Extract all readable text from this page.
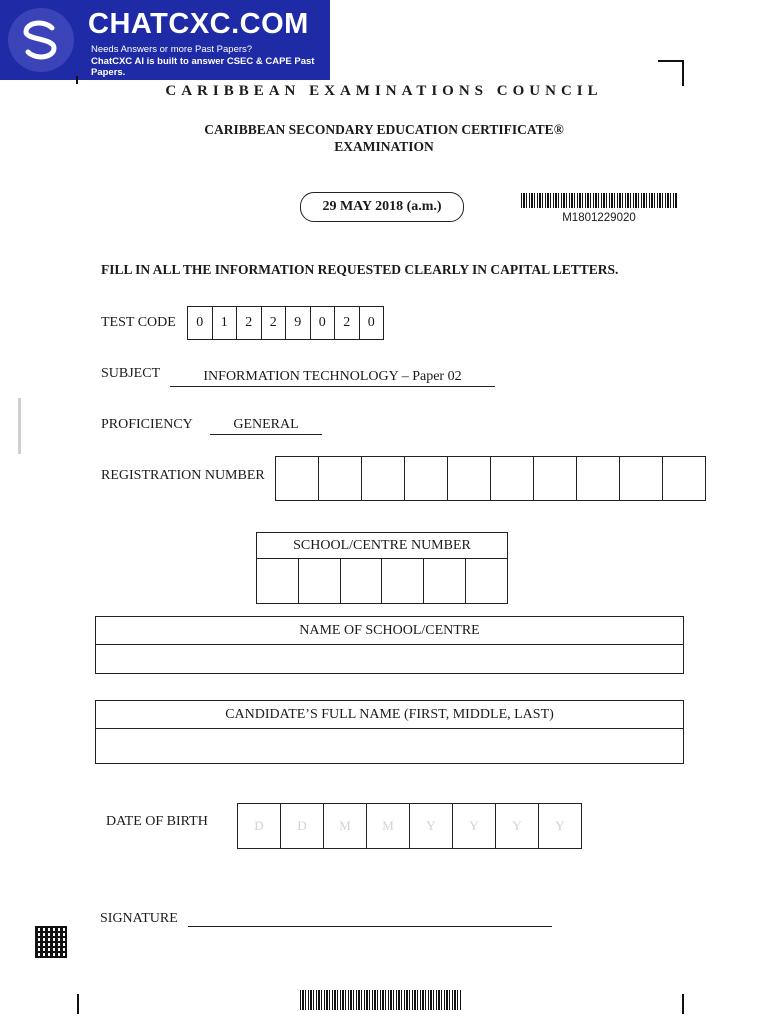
CHATCXC.COM
Needs Answers or more Past Papers?
ChatCXC AI is built to answer CSEC & CAPE Past Papers.
CARIBBEAN EXAMINATIONS COUNCIL
CARIBBEAN SECONDARY EDUCATION CERTIFICATE®
EXAMINATION
29 MAY 2018 (a.m.)
M1801229020
FILL IN ALL THE INFORMATION REQUESTED CLEARLY IN CAPITAL LETTERS.
TEST CODE	0	1	2	2	9	0	2	0
SUBJECT	INFORMATION TECHNOLOGY – Paper 02
PROFICIENCY	GENERAL
REGISTRATION NUMBER
SCHOOL/CENTRE NUMBER
NAME OF SCHOOL/CENTRE
CANDIDATE’S FULL NAME (FIRST, MIDDLE, LAST)
DATE OF BIRTH	D	D	M	M	Y	Y	Y	Y
SIGNATURE
